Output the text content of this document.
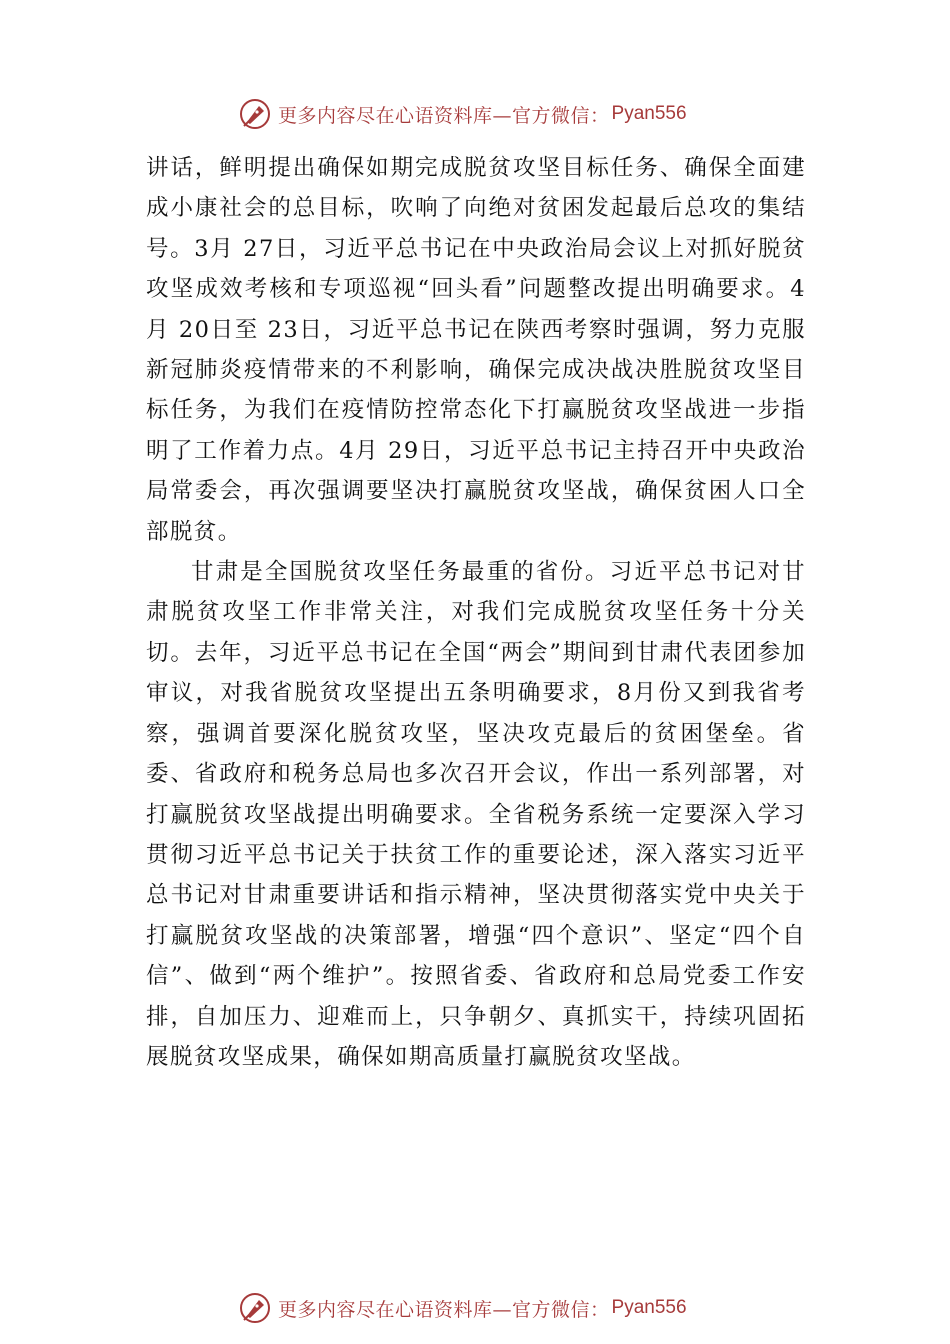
更多内容尽在心语资料库—官方微信： Pyan556

讲话，鲜明提出确保如期完成脱贫攻坚目标任务、确保全面建成小康社会的总目标，吹响了向绝对贫困发起最后总攻的集结号。3月 27日，习近平总书记在中央政治局会议上对抓好脱贫攻坚成效考核和专项巡视“回头看”问题整改提出明确要求。4月 20日至 23日，习近平总书记在陕西考察时强调，努力克服新冠肺炎疫情带来的不利影响，确保完成决战决胜脱贫攻坚目标任务，为我们在疫情防控常态化下打赢脱贫攻坚战进一步指明了工作着力点。4月 29日，习近平总书记主持召开中央政治局常委会，再次强调要坚决打赢脱贫攻坚战，确保贫困人口全部脱贫。

甘肃是全国脱贫攻坚任务最重的省份。习近平总书记对甘肃脱贫攻坚工作非常关注，对我们完成脱贫攻坚任务十分关切。去年，习近平总书记在全国“两会”期间到甘肃代表团参加审议，对我省脱贫攻坚提出五条明确要求，8月份又到我省考察，强调首要深化脱贫攻坚，坚决攻克最后的贫困堡垒。省委、省政府和税务总局也多次召开会议，作出一系列部署，对打赢脱贫攻坚战提出明确要求。全省税务系统一定要深入学习贯彻习近平总书记关于扶贫工作的重要论述，深入落实习近平总书记对甘肃重要讲话和指示精神，坚决贯彻落实党中央关于打赢脱贫攻坚战的决策部署，增强“四个意识”、坚定“四个自信”、做到“两个维护”。按照省委、省政府和总局党委工作安排，自加压力、迎难而上，只争朝夕、真抓实干，持续巩固拓展脱贫攻坚成果，确保如期高质量打赢脱贫攻坚战。

更多内容尽在心语资料库—官方微信： Pyan556
